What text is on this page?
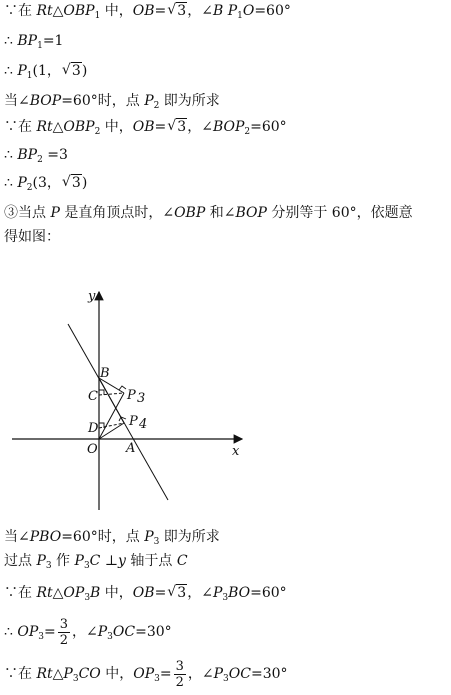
∵在 $Rt\triangle OBP_1$ 中，OB= √ 3，∠B $P_1O=60^\circ$
∴ $BP_1=1$
∴ $P_1(1$， √ 3)
当∠BOP=60°时，点 $P_2$ 即为所求
∵在 $Rt\triangle OBP_2$ 中，OB= √ 3，$\angle BOP_2=60^\circ$
∴ $BP_2 =3$
∴ $P_2(3$， √ 3)
③当点 P 是直角顶点时，∠OBP 和∠BOP 分别等于 60°，依题意
得如图：
y
x
B
C
D
O A
P 3
P 4
当∠PBO=60°时，点 $P_3$ 即为所求
过点 $P_3$ 作 $P_3C$ ⊥y 轴于点 C
∵在 $Rt\triangle OP_3B$ 中，OB= √ 3，$\angle P_3BO=60^\circ$
∴ $OP_3= \frac{3}{2}$ ，$\angle P_3OC=30^\circ$
∵在 $Rt\triangle P_3CO$ 中，$OP_3= \frac{3}{2}$ ，$\angle P_3OC=30^\circ$
